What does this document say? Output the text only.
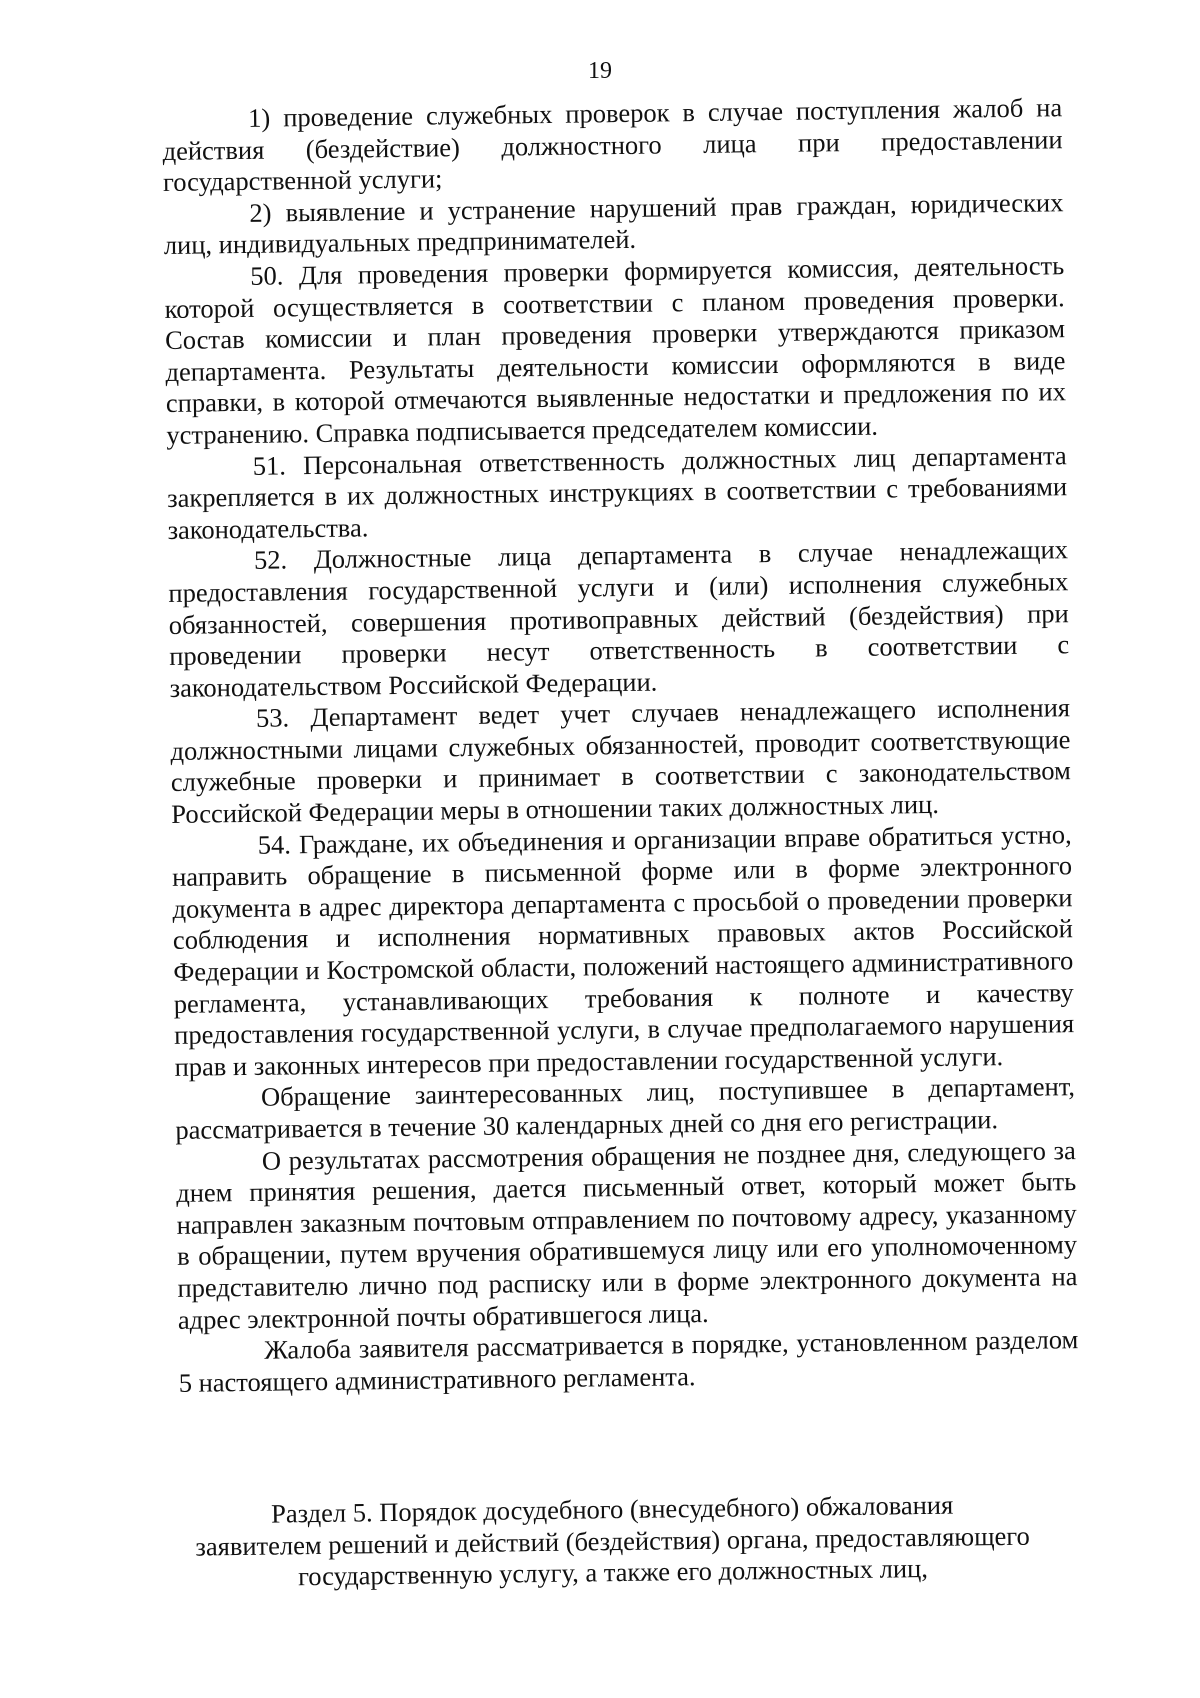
19

1) проведение служебных проверок в случае поступления жалоб на действия (бездействие) должностного лица при предоставлении государственной услуги;

2) выявление и устранение нарушений прав граждан, юридических лиц, индивидуальных предпринимателей.

50. Для проведения проверки формируется комиссия, деятельность которой осуществляется в соответствии с планом проведения проверки. Состав комиссии и план проведения проверки утверждаются приказом департамента. Результаты деятельности комиссии оформляются в виде справки, в которой отмечаются выявленные недостатки и предложения по их устранению. Справка подписывается председателем комиссии.

51. Персональная ответственность должностных лиц департамента закрепляется в их должностных инструкциях в соответствии с требованиями законодательства.

52. Должностные лица департамента в случае ненадлежащих предоставления государственной услуги и (или) исполнения служебных обязанностей, совершения противоправных действий (бездействия) при проведении проверки несут ответственность в соответствии с законодательством Российской Федерации.

53. Департамент ведет учет случаев ненадлежащего исполнения должностными лицами служебных обязанностей, проводит соответствующие служебные проверки и принимает в соответствии с законодательством Российской Федерации меры в отношении таких должностных лиц.

54. Граждане, их объединения и организации вправе обратиться устно, направить обращение в письменной форме или в форме электронного документа в адрес директора департамента с просьбой о проведении проверки соблюдения и исполнения нормативных правовых актов Российской Федерации и Костромской области, положений настоящего административного регламента, устанавливающих требования к полноте и качеству предоставления государственной услуги, в случае предполагаемого нарушения прав и законных интересов при предоставлении государственной услуги.

Обращение заинтересованных лиц, поступившее в департамент, рассматривается в течение 30 календарных дней со дня его регистрации.

О результатах рассмотрения обращения не позднее дня, следующего за днем принятия решения, дается письменный ответ, который может быть направлен заказным почтовым отправлением по почтовому адресу, указанному в обращении, путем вручения обратившемуся лицу или его уполномоченному представителю лично под расписку или в форме электронного документа на адрес электронной почты обратившегося лица.

Жалоба заявителя рассматривается в порядке, установленном разделом 5 настоящего административного регламента.

Раздел 5. Порядок досудебного (внесудебного) обжалования
заявителем решений и действий (бездействия) органа, предоставляющего
государственную услугу, а также его должностных лиц,
